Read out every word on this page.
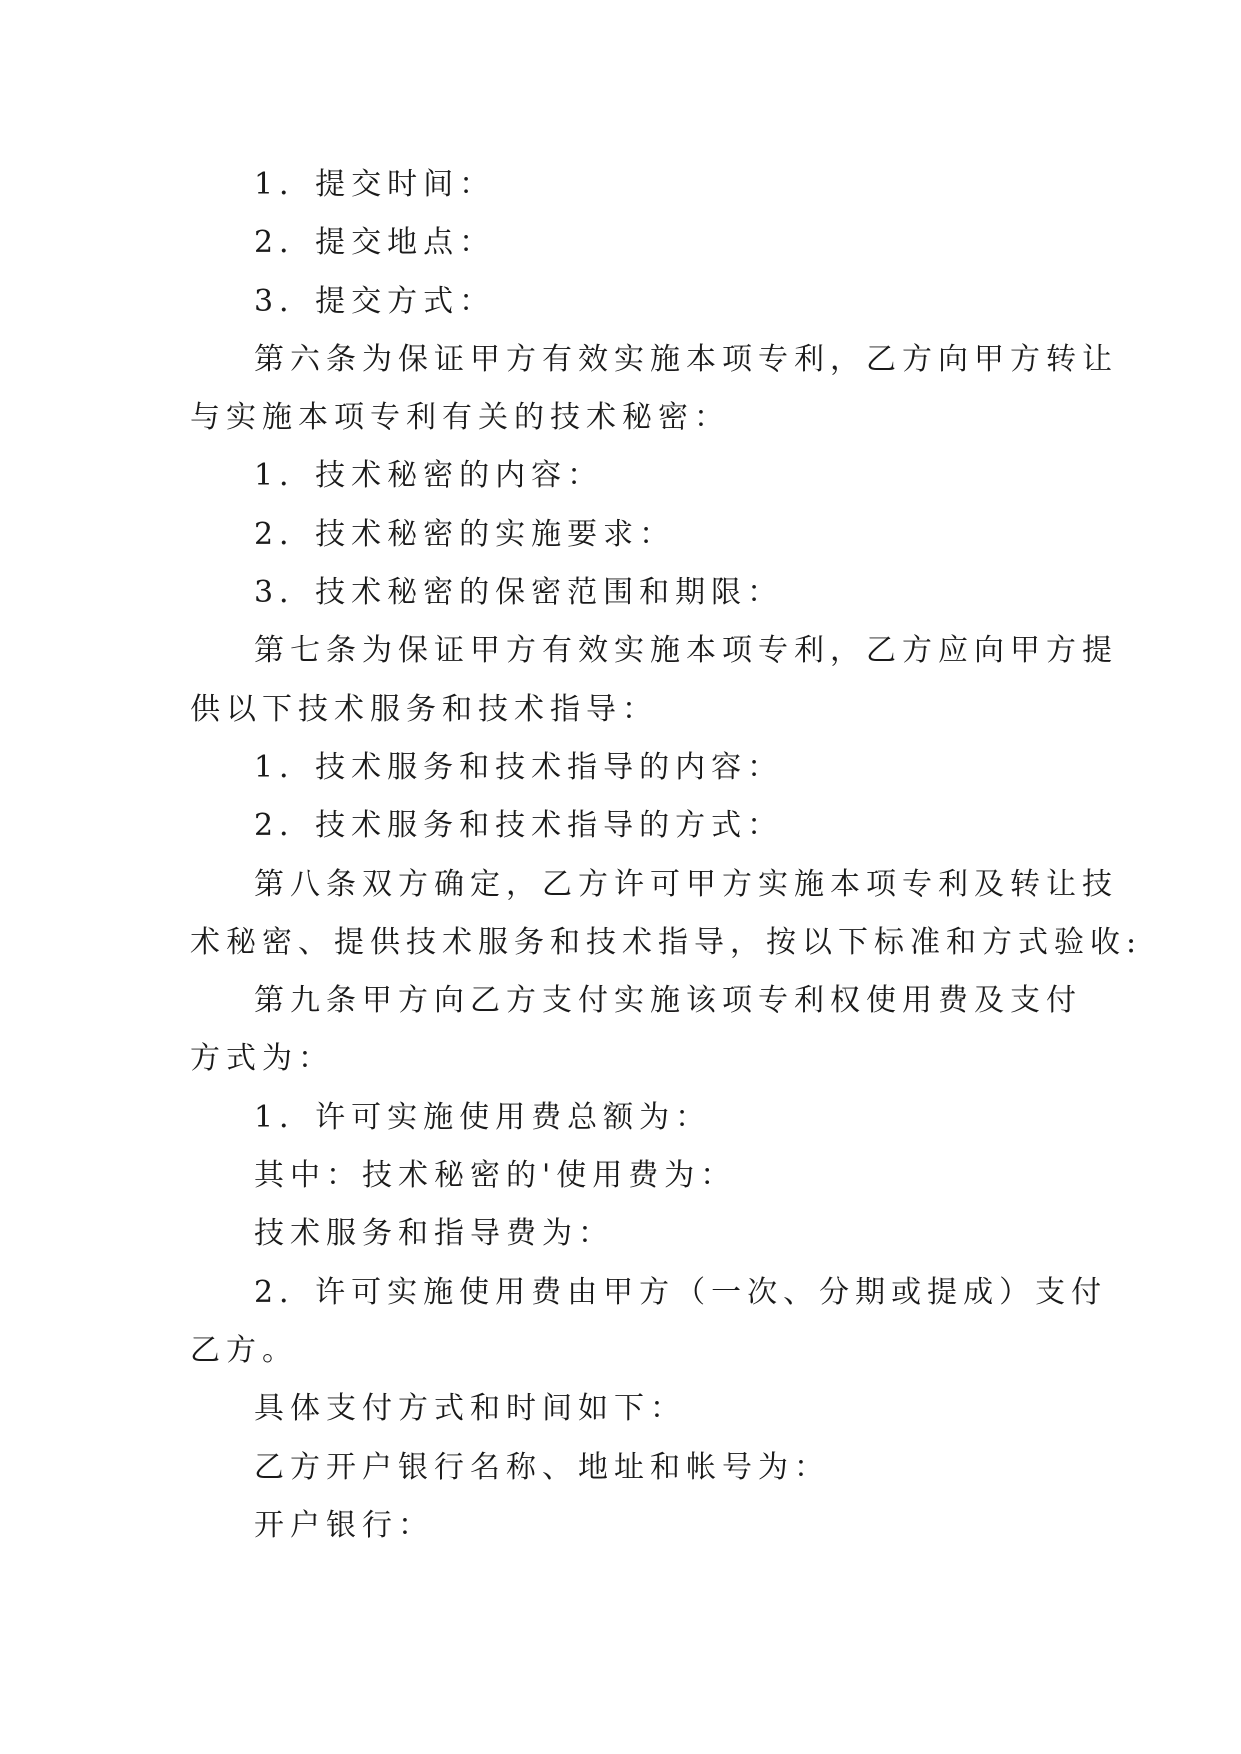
1．提交时间：
2．提交地点：
3．提交方式：
第六条为保证甲方有效实施本项专利，乙方向甲方转让
与实施本项专利有关的技术秘密：
1．技术秘密的内容：
2．技术秘密的实施要求：
3．技术秘密的保密范围和期限：
第七条为保证甲方有效实施本项专利，乙方应向甲方提
供以下技术服务和技术指导：
1．技术服务和技术指导的内容：
2．技术服务和技术指导的方式：
第八条双方确定，乙方许可甲方实施本项专利及转让技
术秘密、提供技术服务和技术指导，按以下标准和方式验收:
第九条甲方向乙方支付实施该项专利权使用费及支付
方式为：
1．许可实施使用费总额为：
其中：技术秘密的'使用费为：
技术服务和指导费为：
2．许可实施使用费由甲方（一次、分期或提成）支付
乙方。
具体支付方式和时间如下：
乙方开户银行名称、地址和帐号为：
开户银行：
